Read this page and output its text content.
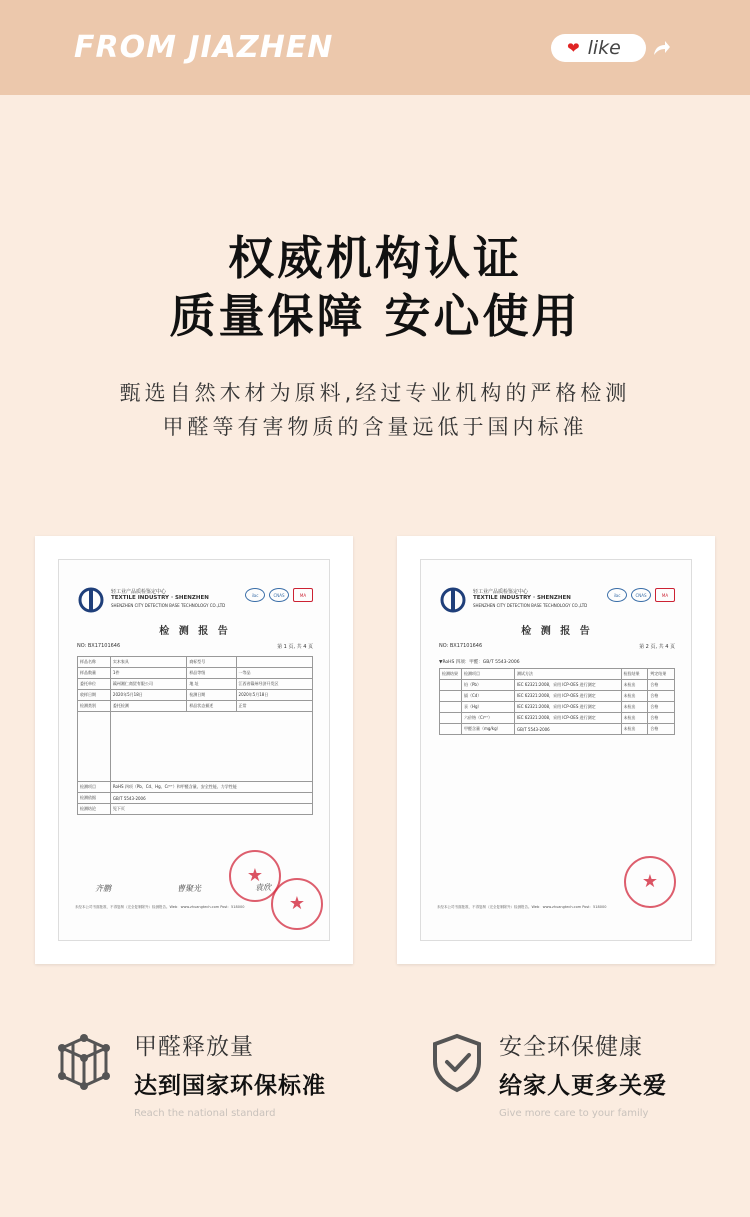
FROM JIAZHEN	❤ like
权威机构认证
质量保障 安心使用
甄选自然木材为原料,经过专业机构的严格检测
甲醛等有害物质的含量远低于国内标准
轻工业产品质检鉴定中心
TEXTILE INDUSTRY · SHENZHEN
SHENZHEN CITY DETECTION BASE TECHNOLOGY CO.,LTD
ilac	CNAS	MA
检 测 报 告
NO: BX17101646	第 1 页, 共 4 页
样品名称	实木家具	商标型号	
样品数量	1件	样品等级	一等品
委托单位	赣州湘仁商贸有限公司	地 址	江西省赣州经济开发区
收样日期	2020年5月18日	检测日期	2020年5月18日
检测类别	委托检测	样品状态描述	正常

检测项目	RoHS 四项（Pb、Cd、Hg、Cr⁶⁺）和甲醛含量、安全性能、力学性能		
检测依据	GB/T 5543-2006		
检测结论	见下页		
齐鹏	曹聚光	袁欣
★
★
未经本公司书面批准，不得复制（完全复制除外）检测报告。Web：www.zhuangtech.com Post：518000
轻工业产品质检鉴定中心
TEXTILE INDUSTRY · SHENZHEN
SHENZHEN CITY DETECTION BASE TECHNOLOGY CO.,LTD
ilac	CNAS	MA
检 测 报 告
NO: BX17101646	第 2 页, 共 4 页
▼RoHS 四项：甲醛：GB/T 5543-2006
检测结果	检测项目	测试方法	检验结果	判定结果
	铅（Pb）	IEC 62321:2008，采用 ICP-OES 进行测定	未检出	合格
	镉（Cd）	IEC 62321:2008，采用 ICP-OES 进行测定	未检出	合格
	汞（Hg）	IEC 62321:2008，采用 ICP-OES 进行测定	未检出	合格
	六价铬（Cr⁶⁺）	IEC 62321:2008，采用 ICP-OES 进行测定	未检出	合格
	甲醛含量（mg/kg）	GB/T 5543-2006	未检出	合格
★
未经本公司书面批准，不得复制（完全复制除外）检测报告。Web：www.zhuangtech.com Post：518000
甲醛释放量
达到国家环保标准
Reach the national standard
安全环保健康
给家人更多关爱
Give more care to your family
